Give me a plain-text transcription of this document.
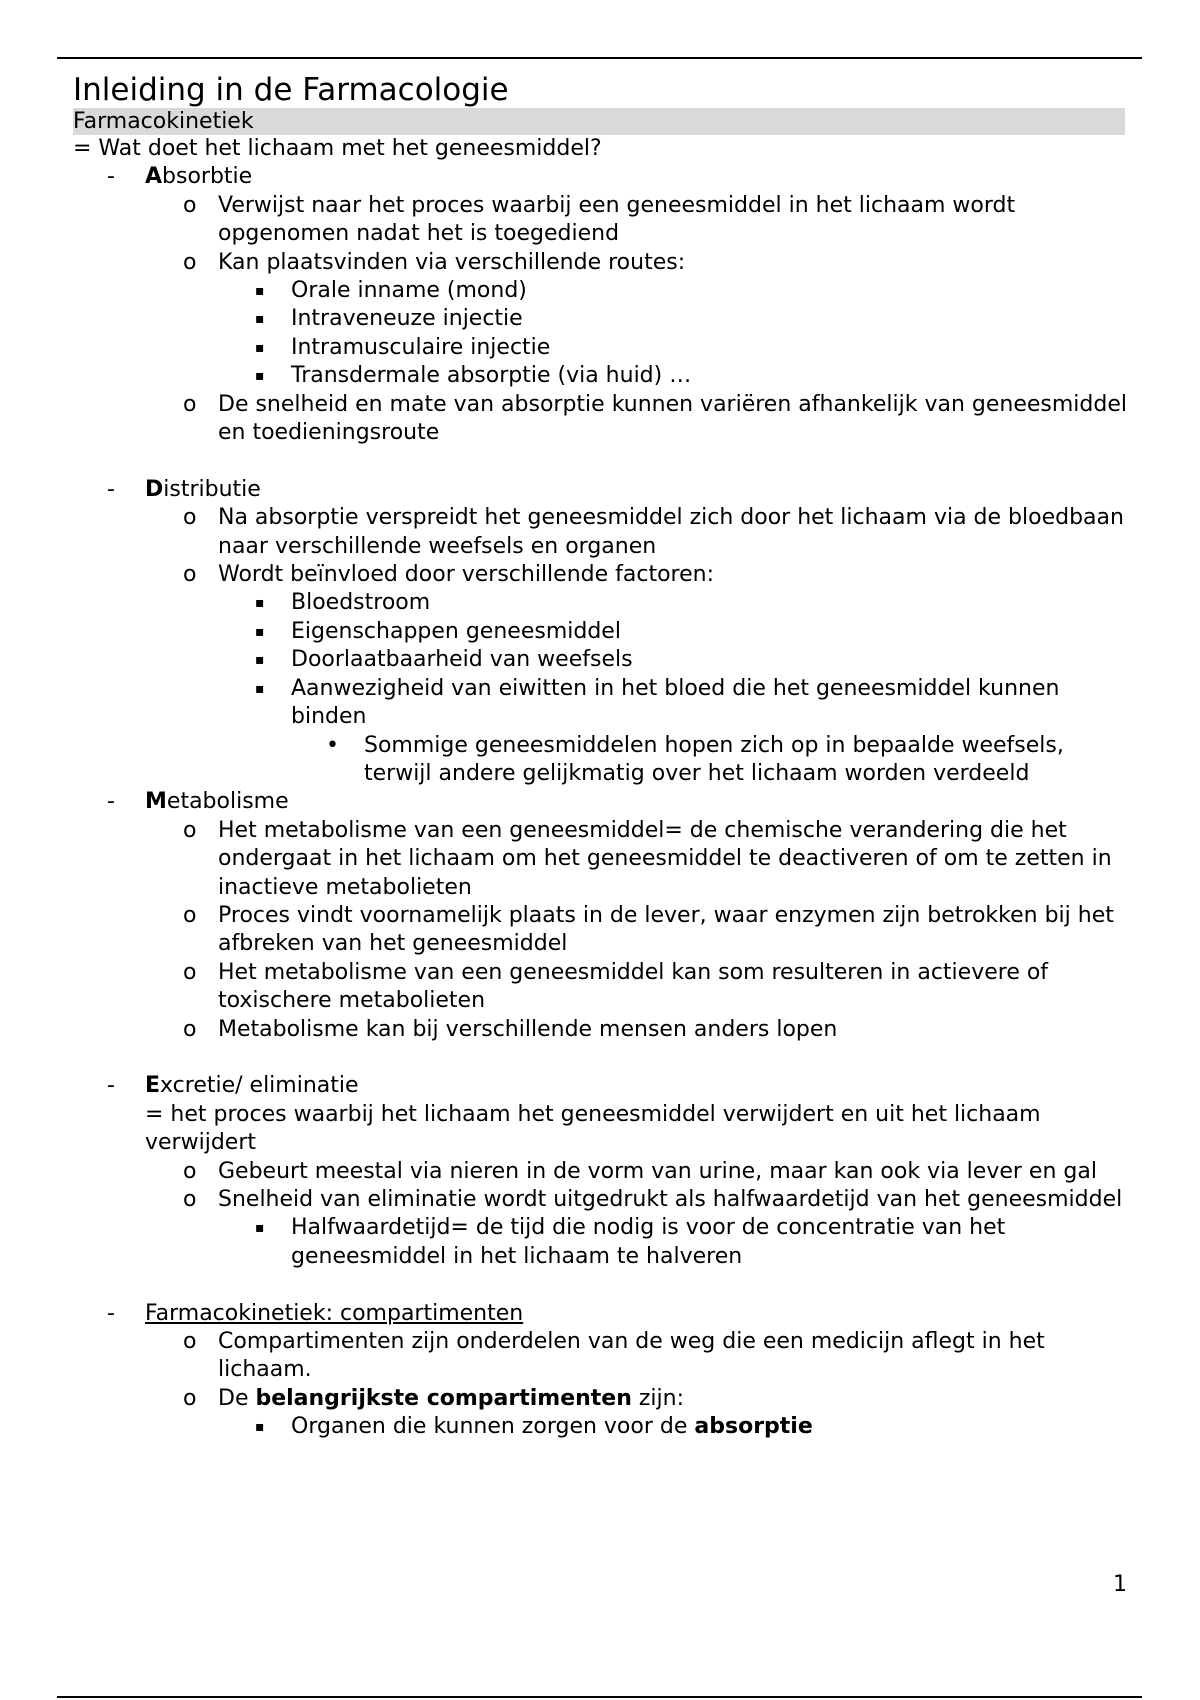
Inleiding in de Farmacologie
Farmacokinetiek
= Wat doet het lichaam met het geneesmiddel?
- Absorbtie
o Verwijst naar het proces waarbij een geneesmiddel in het lichaam wordt opgenomen nadat het is toegediend
o Kan plaatsvinden via verschillende routes:
▪ Orale inname (mond)
▪ Intraveneuze injectie
▪ Intramusculaire injectie
▪ Transdermale absorptie (via huid) …
o De snelheid en mate van absorptie kunnen variëren afhankelijk van geneesmiddel en toedieningsroute
- Distributie
o Na absorptie verspreidt het geneesmiddel zich door het lichaam via de bloedbaan naar verschillende weefsels en organen
o Wordt beïnvloed door verschillende factoren:
▪ Bloedstroom
▪ Eigenschappen geneesmiddel
▪ Doorlaatbaarheid van weefsels
▪ Aanwezigheid van eiwitten in het bloed die het geneesmiddel kunnen binden
• Sommige geneesmiddelen hopen zich op in bepaalde weefsels, terwijl andere gelijkmatig over het lichaam worden verdeeld
- Metabolisme
o Het metabolisme van een geneesmiddel= de chemische verandering die het ondergaat in het lichaam om het geneesmiddel te deactiveren of om te zetten in inactieve metabolieten
o Proces vindt voornamelijk plaats in de lever, waar enzymen zijn betrokken bij het afbreken van het geneesmiddel
o Het metabolisme van een geneesmiddel kan som resulteren in actievere of toxischere metabolieten
o Metabolisme kan bij verschillende mensen anders lopen
- Excretie/ eliminatie
= het proces waarbij het lichaam het geneesmiddel verwijdert en uit het lichaam verwijdert
o Gebeurt meestal via nieren in de vorm van urine, maar kan ook via lever en gal
o Snelheid van eliminatie wordt uitgedrukt als halfwaardetijd van het geneesmiddel
▪ Halfwaardetijd= de tijd die nodig is voor de concentratie van het geneesmiddel in het lichaam te halveren
- Farmacokinetiek: compartimenten
o Compartimenten zijn onderdelen van de weg die een medicijn aflegt in het lichaam.
o De belangrijkste compartimenten zijn:
▪ Organen die kunnen zorgen voor de absorptie
1
